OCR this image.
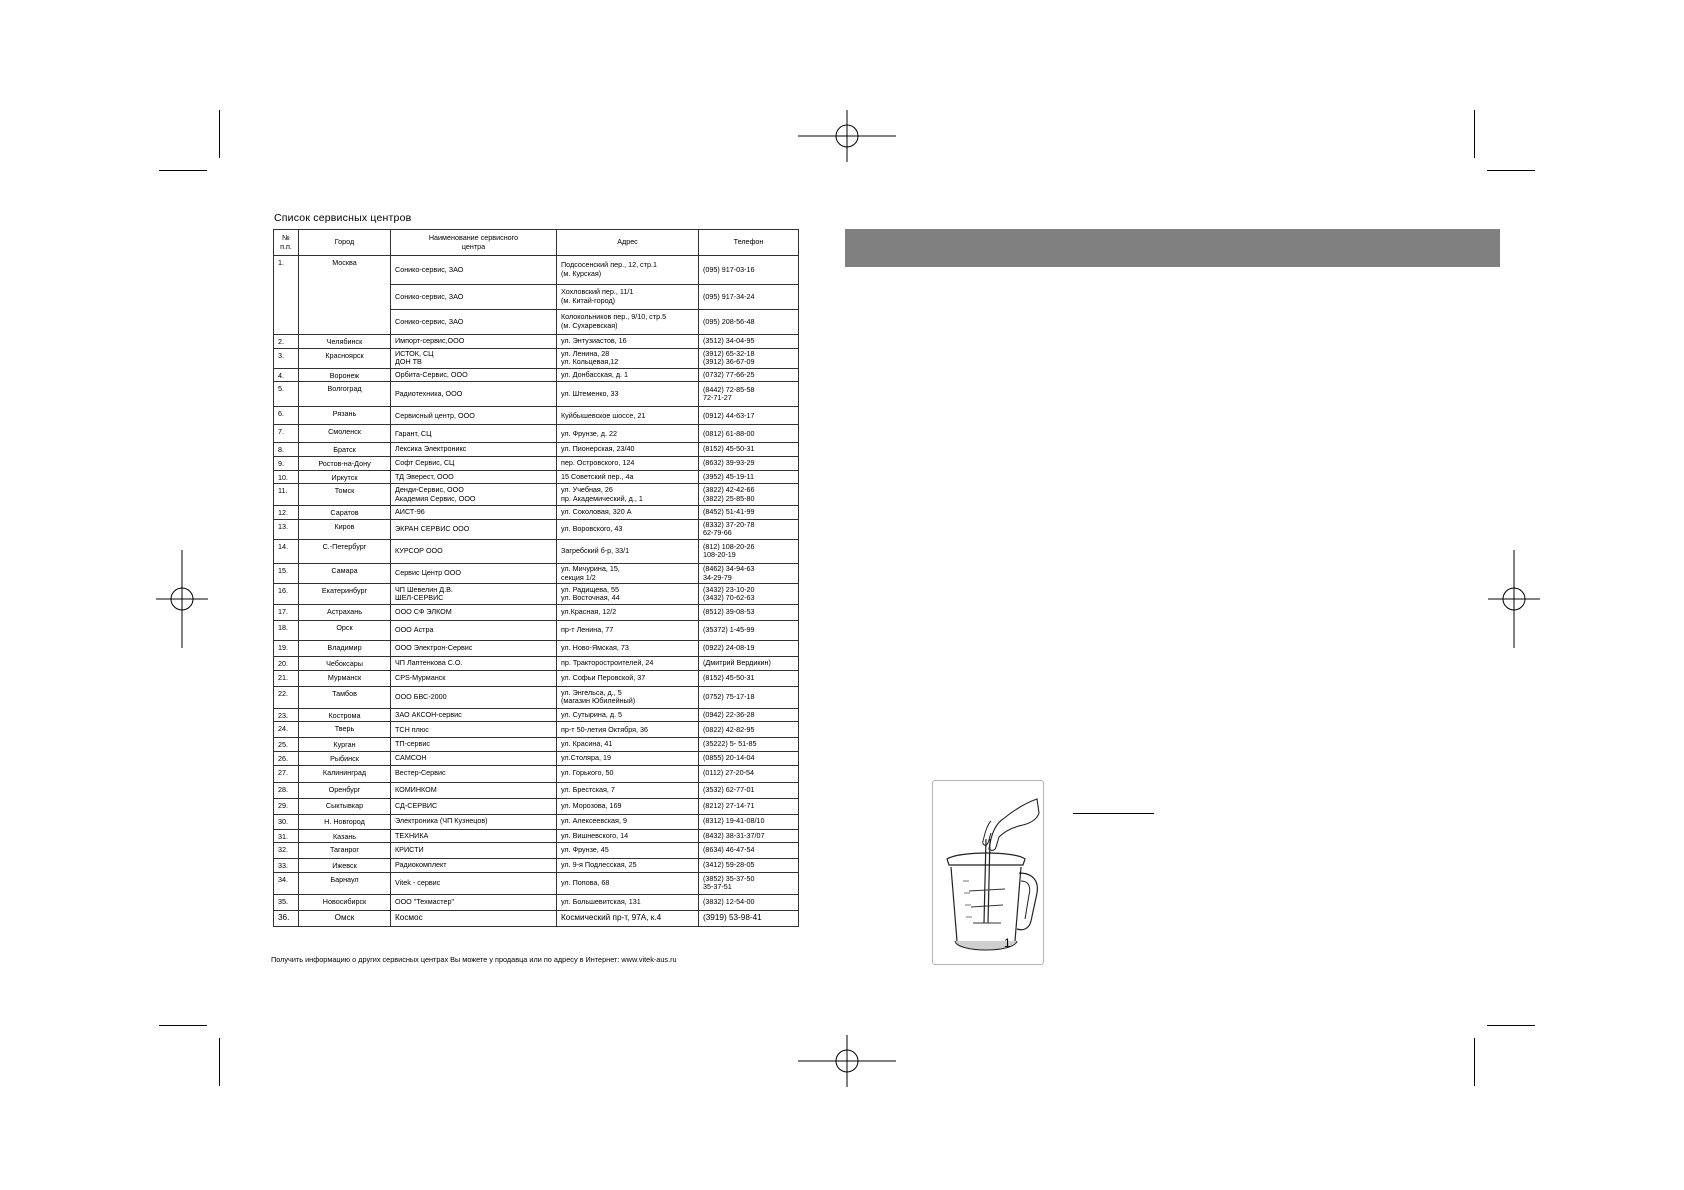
Список сервисных центров
№
п.п.	Город	Наименование сервисного
центра	Адрес	Телефон
1.	Москва	Сонико-сервис, ЗАО	Подсосенский пер., 12, стр.1
(м. Курская)	(095) 917-03-16
		Сонико-сервис, ЗАО	Хохловский пер., 11/1
(м. Китай-город)	(095) 917-34-24
		Сонико-сервис, ЗАО	Колокольников пер., 9/10, стр.5
(м. Сухаревская)	(095) 208-56-48
2.	Челябинск	Импорт-сервис,ООО	ул. Энтузиастов, 16	(3512) 34-04-95
3.	Красноярск	ИСТОК, СЦ
ДОН ТВ	ул. Ленина, 28
ул. Кольцевая,12	(3912) 65-32-18
(3912) 36-67-09
4.	Воронеж	Орбита-Сервис, ООО	ул. Донбасская, д. 1	(0732) 77-66-25
5.	Волгоград	Радиотехника, ООО	ул. Штеменко, 33	(8442) 72-85-58
72-71-27
6.	Рязань	Сервисный центр, ООО	Куйбышевское шоссе, 21	(0912) 44-63-17
7.	Смоленск	Гарант, СЦ	ул. Фрунзе, д. 22	(0812) 61-88-00
8.	Братск	Лексика Электроникс	ул. Пионерская, 23/40	(8152) 45-50-31
9.	Ростов-на-Дону	Софт Сервис, СЦ	пер. Островского, 124	(8632) 39-93-29
10.	Иркутск	ТД Эверест, ООО	15 Советский пер., 4а	(3952) 45-19-11
11.	Томск	Денди-Сервис, ООО
Академия Сервис, ООО	ул. Учебная, 26
пр. Академический, д., 1	(3822) 42-42-66
(3822) 25-85-80
12.	Саратов	АИСТ-96	ул. Соколовая, 320 А	(8452) 51-41-99
13.	Киров	ЭКРАН СЕРВИС ООО	ул. Воровского, 43	(8332) 37-20-78
62-79-66
14.	С.-Петербург	КУРСОР ООО	Загребский б-р, 33/1	(812) 108-20-26
108-20-19
15.	Самара	Сервис Центр ООО	ул. Мичурина, 15,
секция 1/2	(8462) 34-94-63
34-29-79
16.	Екатеринбург	ЧП Шевелин Д.В.
ШЕЛ-СЕРВИС	ул. Радищева, 55
ул. Восточная, 44	(3432) 23-10-20
(3432) 70-62-63
17.	Астрахань	ООО СФ ЭЛКОМ	ул.Красная, 12/2	(8512) 39-08-53
18.	Орск	ООО Астра	пр-т Ленина, 77	(35372) 1-45-99
19.	Владимир	ООО Электрон-Сервис	ул. Ново-Ямская, 73	(0922) 24-08-19
20.	Чебоксары	ЧП Лаптенкова С.О.	пр. Тракторостроителей, 24	(Дмитрий Вердикин)
21.	Мурманск	CPS-Мурманск	ул. Софьи Перовской, 37	(8152) 45-50-31
22.	Тамбов	ООО БВС-2000	ул. Энгельса, д., 5
(магазин Юбилейный)	(0752) 75-17-18
23.	Кострома	ЗАО АКСОН-сервис	ул. Сутырина, д. 5	(0942) 22-36-28
24.	Тверь	ТСН плюс	пр-т 50-летия Октября, 36	(0822) 42-82-95
25.	Курган	ТП-сервис	ул. Красина, 41	(35222) 5- 51-85
26.	Рыбинск	САМСОН	ул.Столяра, 19	(0855) 20-14-04
27.	Калининград	Вестер-Сервис	ул. Горького, 50	(0112) 27-20-54
28.	Оренбург	КОМИНКОМ	ул. Брестская, 7	(3532) 62-77-01
29.	Сыктывкар	СД-СЕРВИС	ул. Морозова, 169	(8212) 27-14-71
30.	Н. Новгород	Электроника (ЧП Кузнецов)	ул. Алексеевская, 9	(8312) 19-41-08/10
31.	Казань	ТЕХНИКА	ул. Вишневского, 14	(8432) 38-31-37/07
32.	Таганрог	КРИСТИ	ул. Фрунзе, 45	(8634) 46-47-54
33.	Ижевск	Радиокомплект	ул. 9-я Подлесская, 25	(3412) 59-28-05
34.	Барнаул	Vitek - сервис	ул. Попова, 68	(3852) 35-37-50
35-37-51
35.	Новосибирск	ООО "Техмастер"	ул. Большевитская, 131	(3832) 12-54-00
36.	Омск	Космос	Космический пр-т, 97А, к.4	(3919) 53-98-41
Получить информацию о других сервисных центрах Вы можете у продавца или по адресу в Интернет: www.vitek-aus.ru
1
